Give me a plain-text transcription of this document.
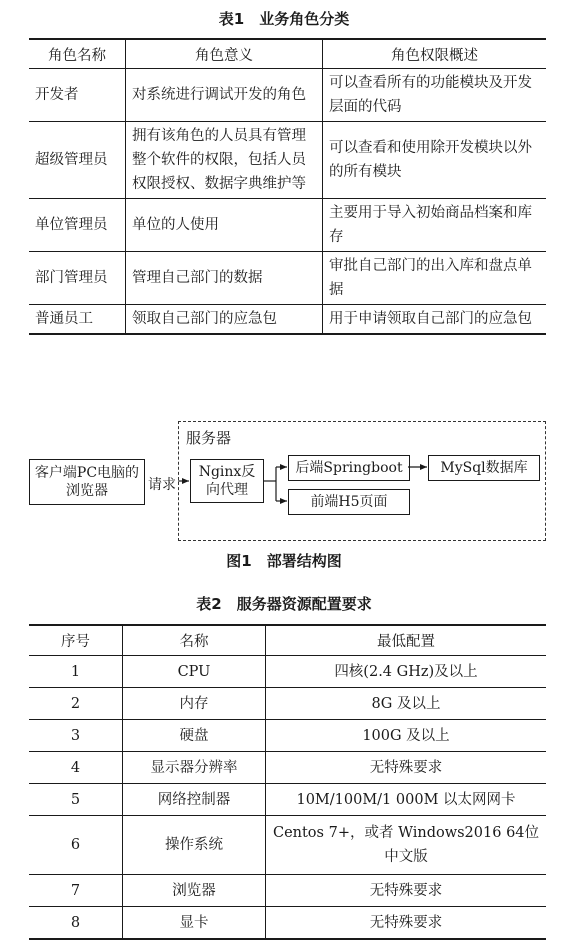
表1　业务角色分类
角色名称	角色意义	角色权限概述
开发者	对系统进行调试开发的角色	可以查看所有的功能模块及开发层面的代码
超级管理员	拥有该角色的人员具有管理整个软件的权限，包括人员权限授权、数据字典维护等	可以查看和使用除开发模块以外的所有模块
单位管理员	单位的人使用	主要用于导入初始商品档案和库存
部门管理员	管理自己部门的数据	审批自己部门的出入库和盘点单据
普通员工	领取自己部门的应急包	用于申请领取自己部门的应急包
服务器
客户端PC电脑的浏览器	请求
Nginx反向代理
后端Springboot	MySql数据库
前端H5页面
图1　部署结构图
表2　服务器资源配置要求
序号	名称	最低配置
1	CPU	四核(2.4 GHz)及以上
2	内存	8G 及以上
3	硬盘	100G 及以上
4	显示器分辨率	无特殊要求
5	网络控制器	10M/100M/1 000M 以太网网卡
6	操作系统	Centos 7+，或者 Windows2016 64位中文版
7	浏览器	无特殊要求
8	显卡	无特殊要求
